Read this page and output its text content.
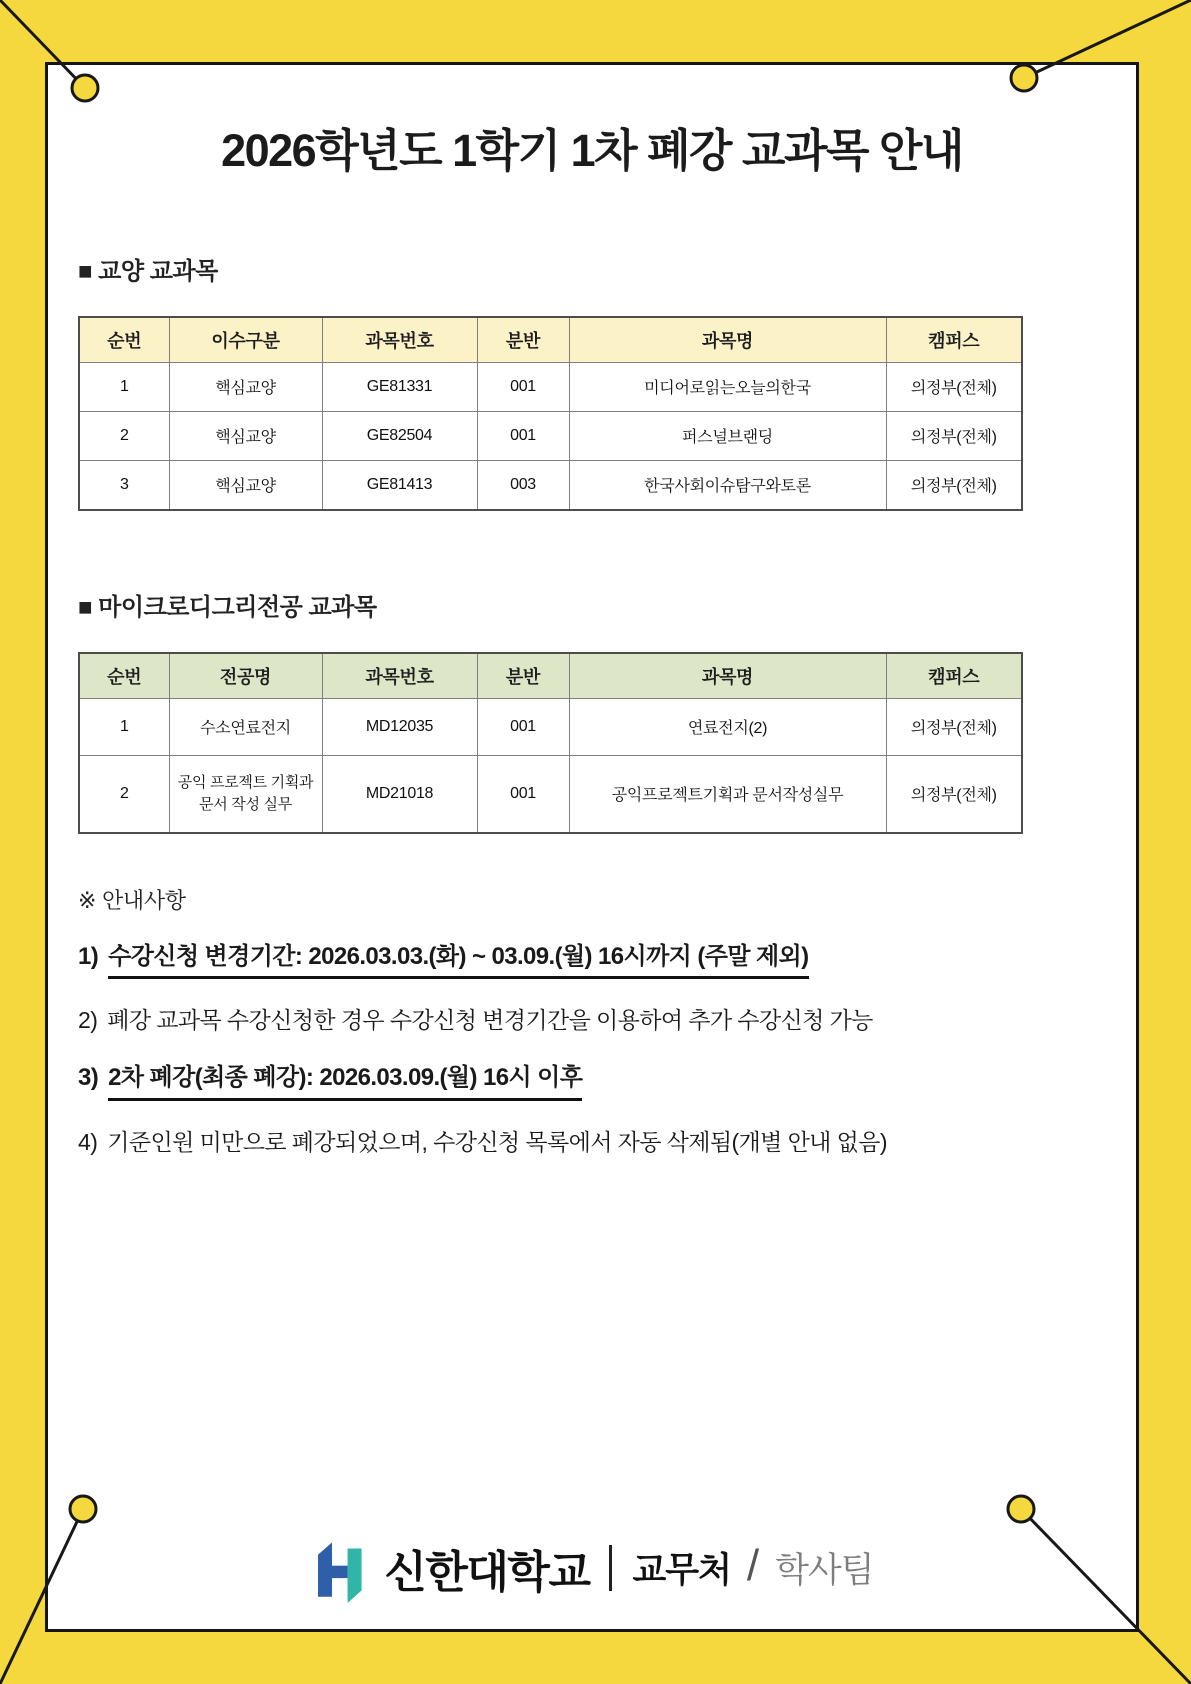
2026학년도 1학기 1차 폐강 교과목 안내
■ 교양 교과목
순번	이수구분	과목번호	분반	과목명	캠퍼스
1	핵심교양	GE81331	001	미디어로읽는오늘의한국	의정부(전체)
2	핵심교양	GE82504	001	퍼스널브랜딩	의정부(전체)
3	핵심교양	GE81413	003	한국사회이슈탐구와토론	의정부(전체)
■ 마이크로디그리전공 교과목
순번	전공명	과목번호	분반	과목명	캠퍼스
1	수소연료전지	MD12035	001	연료전지(2)	의정부(전체)
2	공익 프로젝트 기획과 문서 작성 실무	MD21018	001	공익프로젝트기획과 문서작성실무	의정부(전체)
※ 안내사항
1) 수강신청 변경기간: 2026.03.03.(화) ~ 03.09.(월) 16시까지 (주말 제외)
2) 폐강 교과목 수강신청한 경우 수강신청 변경기간을 이용하여 추가 수강신청 가능
3) 2차 폐강(최종 폐강): 2026.03.09.(월) 16시 이후
4) 기준인원 미만으로 폐강되었으며, 수강신청 목록에서 자동 삭제됨(개별 안내 없음)
신한대학교 교무처 / 학사팀
